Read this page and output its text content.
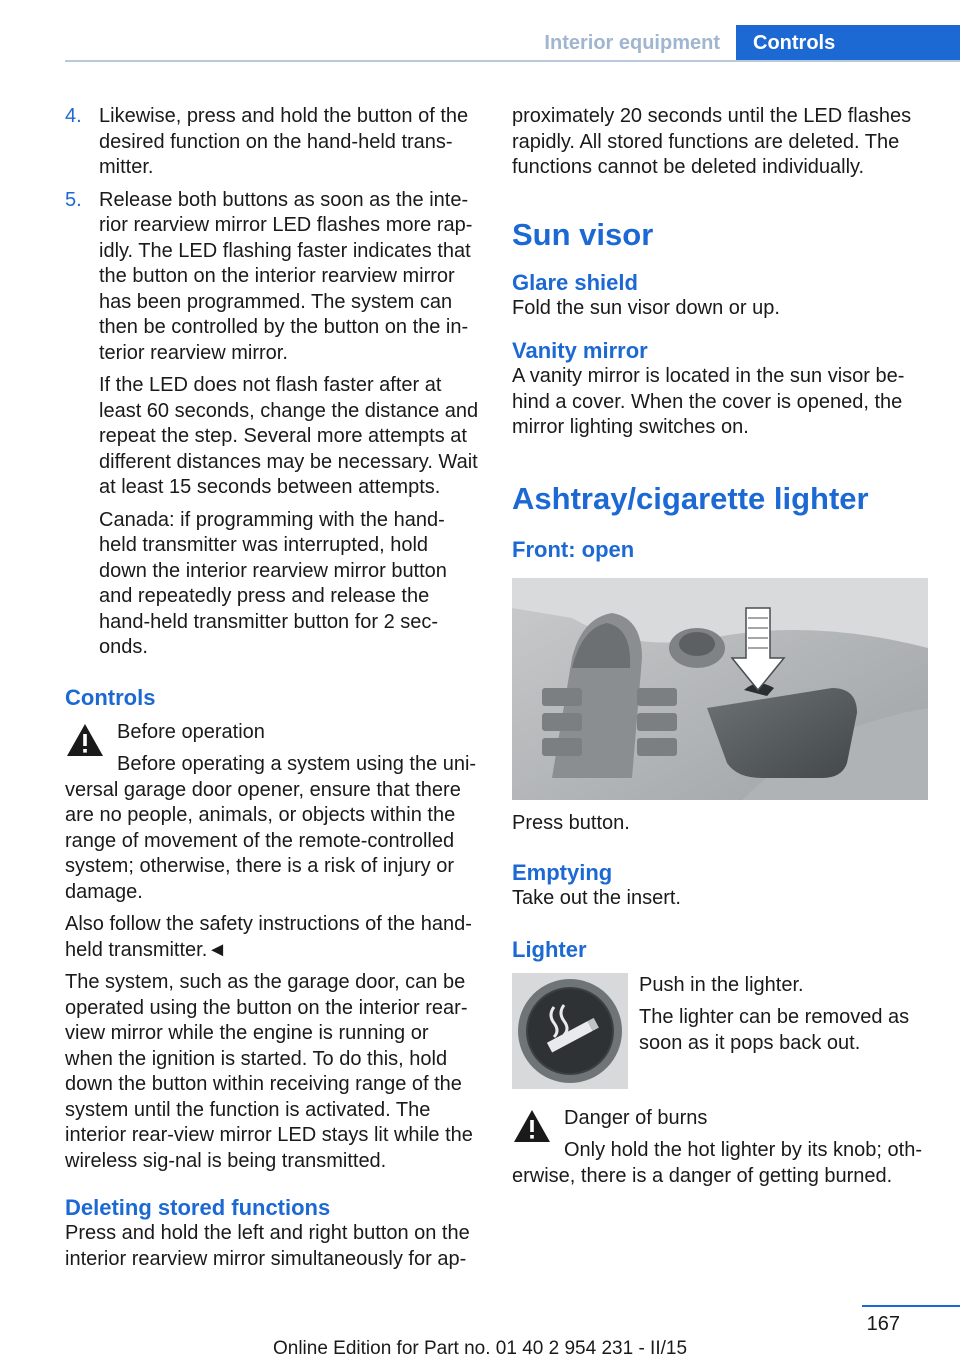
Interior equipment	Controls
4. Likewise, press and hold the button of the desired function on the hand-held trans-mitter.
5. Release both buttons as soon as the inte-rior rearview mirror LED flashes more rap-idly. The LED flashing faster indicates that the button on the interior rearview mirror has been programmed. The system can then be controlled by the button on the in-terior rearview mirror.

If the LED does not flash faster after at least 60 seconds, change the distance and repeat the step. Several more attempts at different distances may be necessary. Wait at least 15 seconds between attempts.

Canada: if programming with the hand-held transmitter was interrupted, hold down the interior rearview mirror button and repeatedly press and release the hand-held transmitter button for 2 sec-onds.

Controls

Before operation

Before operating a system using the uni-versal garage door opener, ensure that there are no people, animals, or objects within the range of movement of the remote-controlled system; otherwise, there is a risk of injury or damage.

Also follow the safety instructions of the hand-held transmitter.◄

The system, such as the garage door, can be operated using the button on the interior rear-view mirror while the engine is running or when the ignition is started. To do this, hold down the button within receiving range of the system until the function is activated. The interior rear-view mirror LED stays lit while the wireless sig-nal is being transmitted.

Deleting stored functions

Press and hold the left and right button on the interior rearview mirror simultaneously for ap-

proximately 20 seconds until the LED flashes rapidly. All stored functions are deleted. The functions cannot be deleted individually.

Sun visor
Glare shield

Fold the sun visor down or up.

Vanity mirror

A vanity mirror is located in the sun visor be-hind a cover. When the cover is opened, the mirror lighting switches on.

Ashtray/cigarette lighter
Front: open

Press button.

Emptying

Take out the insert.

Lighter

Push in the lighter.

The lighter can be removed as soon as it pops back out.

Danger of burns

Only hold the hot lighter by its knob; oth-erwise, there is a danger of getting burned.

167
Online Edition for Part no. 01 40 2 954 231 - II/15
